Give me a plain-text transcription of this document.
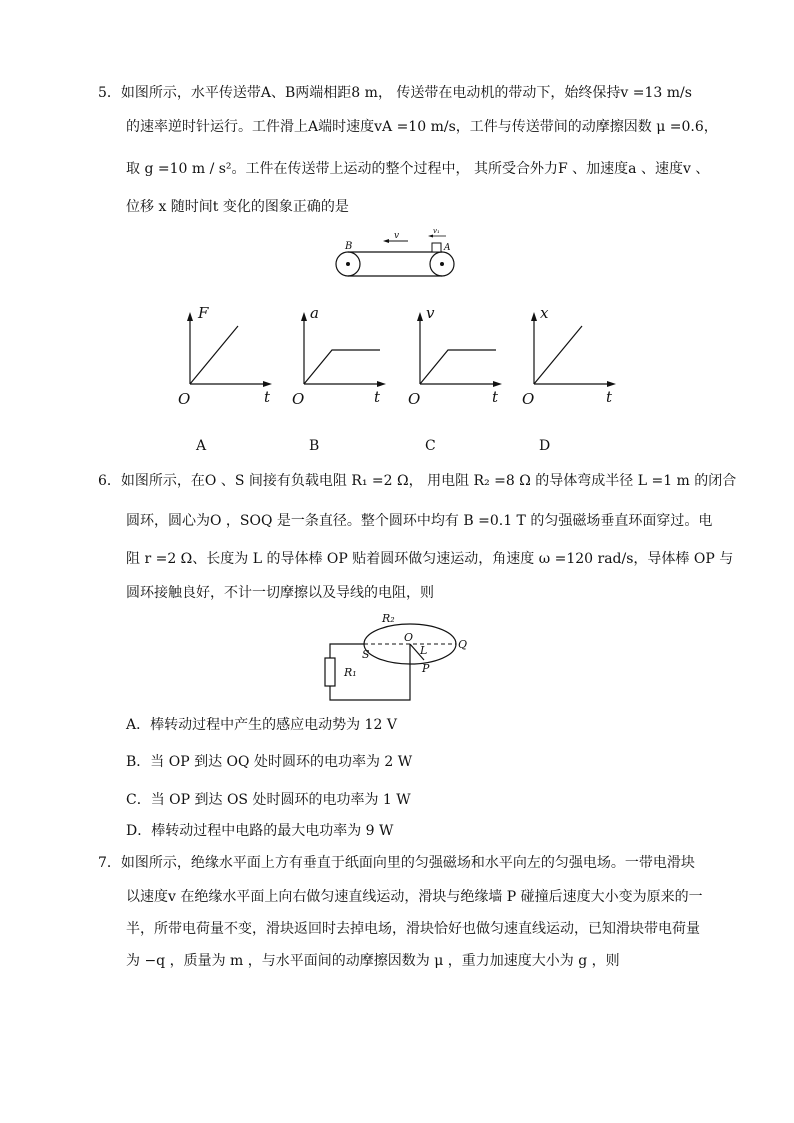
5．如图所示，水平传送带A、B两端相距8 m， 传送带在电动机的带动下，始终保持v =13 m/s
的速率逆时针运行。工件滑上A端时速度vA =10 m/s，工件与传送带间的动摩擦因数 μ =0.6，
取 g =10 m / s²。工件在传送带上运动的整个过程中， 其所受合外力F 、加速度a 、速度v 、
位移 x 随时间t 变化的图象正确的是
B	A
v	v₁
F
O	t
a
O	t
v
O	t
x
O	t
A	B	C	D
6．如图所示，在O 、S 间接有负载电阻 R₁ =2 Ω， 用电阻 R₂ =8 Ω 的导体弯成半径 L =1 m 的闭合
圆环，圆心为O ，SOQ 是一条直径。整个圆环中均有 B =0.1 T 的匀强磁场垂直环面穿过。电
阻 r =2 Ω、长度为 L 的导体棒 OP 贴着圆环做匀速运动，角速度 ω =120 rad/s，导体棒 OP 与
圆环接触良好，不计一切摩擦以及导线的电阻，则
R₂
O
Q
S	L
P
R₁
A．棒转动过程中产生的感应电动势为 12 V
B．当 OP 到达 OQ 处时圆环的电功率为 2 W
C．当 OP 到达 OS 处时圆环的电功率为 1 W
D．棒转动过程中电路的最大电功率为 9 W
7．如图所示，绝缘水平面上方有垂直于纸面向里的匀强磁场和水平向左的匀强电场。一带电滑块
以速度v 在绝缘水平面上向右做匀速直线运动，滑块与绝缘墙 P 碰撞后速度大小变为原来的一
半，所带电荷量不变，滑块返回时去掉电场，滑块恰好也做匀速直线运动，已知滑块带电荷量
为 −q ，质量为 m ，与水平面间的动摩擦因数为 μ ，重力加速度大小为 g ，则
